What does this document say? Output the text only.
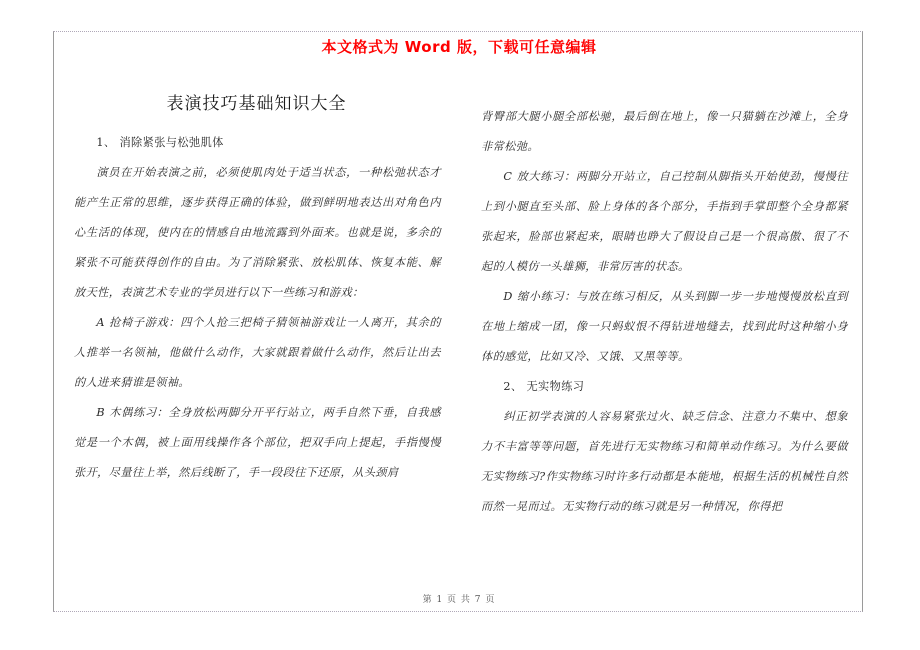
本文格式为 Word 版，下载可任意编辑
表演技巧基础知识大全

1、 消除紧张与松弛肌体

演员在开始表演之前，必须使肌肉处于适当状态，一种松弛状态才能产生正常的思维，逐步获得正确的体验，做到鲜明地表达出对角色内心生活的体现，使内在的情感自由地流露到外面来。也就是说，多余的紧张不可能获得创作的自由。为了消除紧张、放松肌体、恢复本能、解放天性，表演艺术专业的学员进行以下一些练习和游戏：

A 抢椅子游戏：四个人抢三把椅子猜领袖游戏让一人离开，其余的人推举一名领袖，他做什么动作，大家就跟着做什么动作，然后让出去的人进来猜谁是领袖。

B 木偶练习：全身放松两脚分开平行站立，两手自然下垂，自我感觉是一个木偶，被上面用线操作各个部位，把双手向上提起，手指慢慢张开，尽量往上举，然后线断了，手一段段往下还原，从头颈肩

背臀部大腿小腿全部松驰，最后倒在地上，像一只猫躺在沙滩上，全身非常松弛。

C 放大练习：两脚分开站立，自己控制从脚指头开始使劲，慢慢往上到小腿直至头部、脸上身体的各个部分，手指到手掌即整个全身都紧张起来，脸部也紧起来，眼睛也睁大了假设自己是一个很高傲、很了不起的人模仿一头雄狮，非常厉害的状态。

D 缩小练习：与放在练习相反，从头到脚一步一步地慢慢放松直到在地上缩成一团，像一只蚂蚁恨不得钻进地缝去，找到此时这种缩小身体的感觉，比如又冷、又饿、又黑等等。

2、 无实物练习

纠正初学表演的人容易紧张过火、缺乏信念、注意力不集中、想象力不丰富等等问题，首先进行无实物练习和简单动作练习。为什么要做无实物练习?作实物练习时许多行动都是本能地，根据生活的机械性自然而然一晃而过。无实物行动的练习就是另一种情况，你得把

第 1 页 共 7 页
